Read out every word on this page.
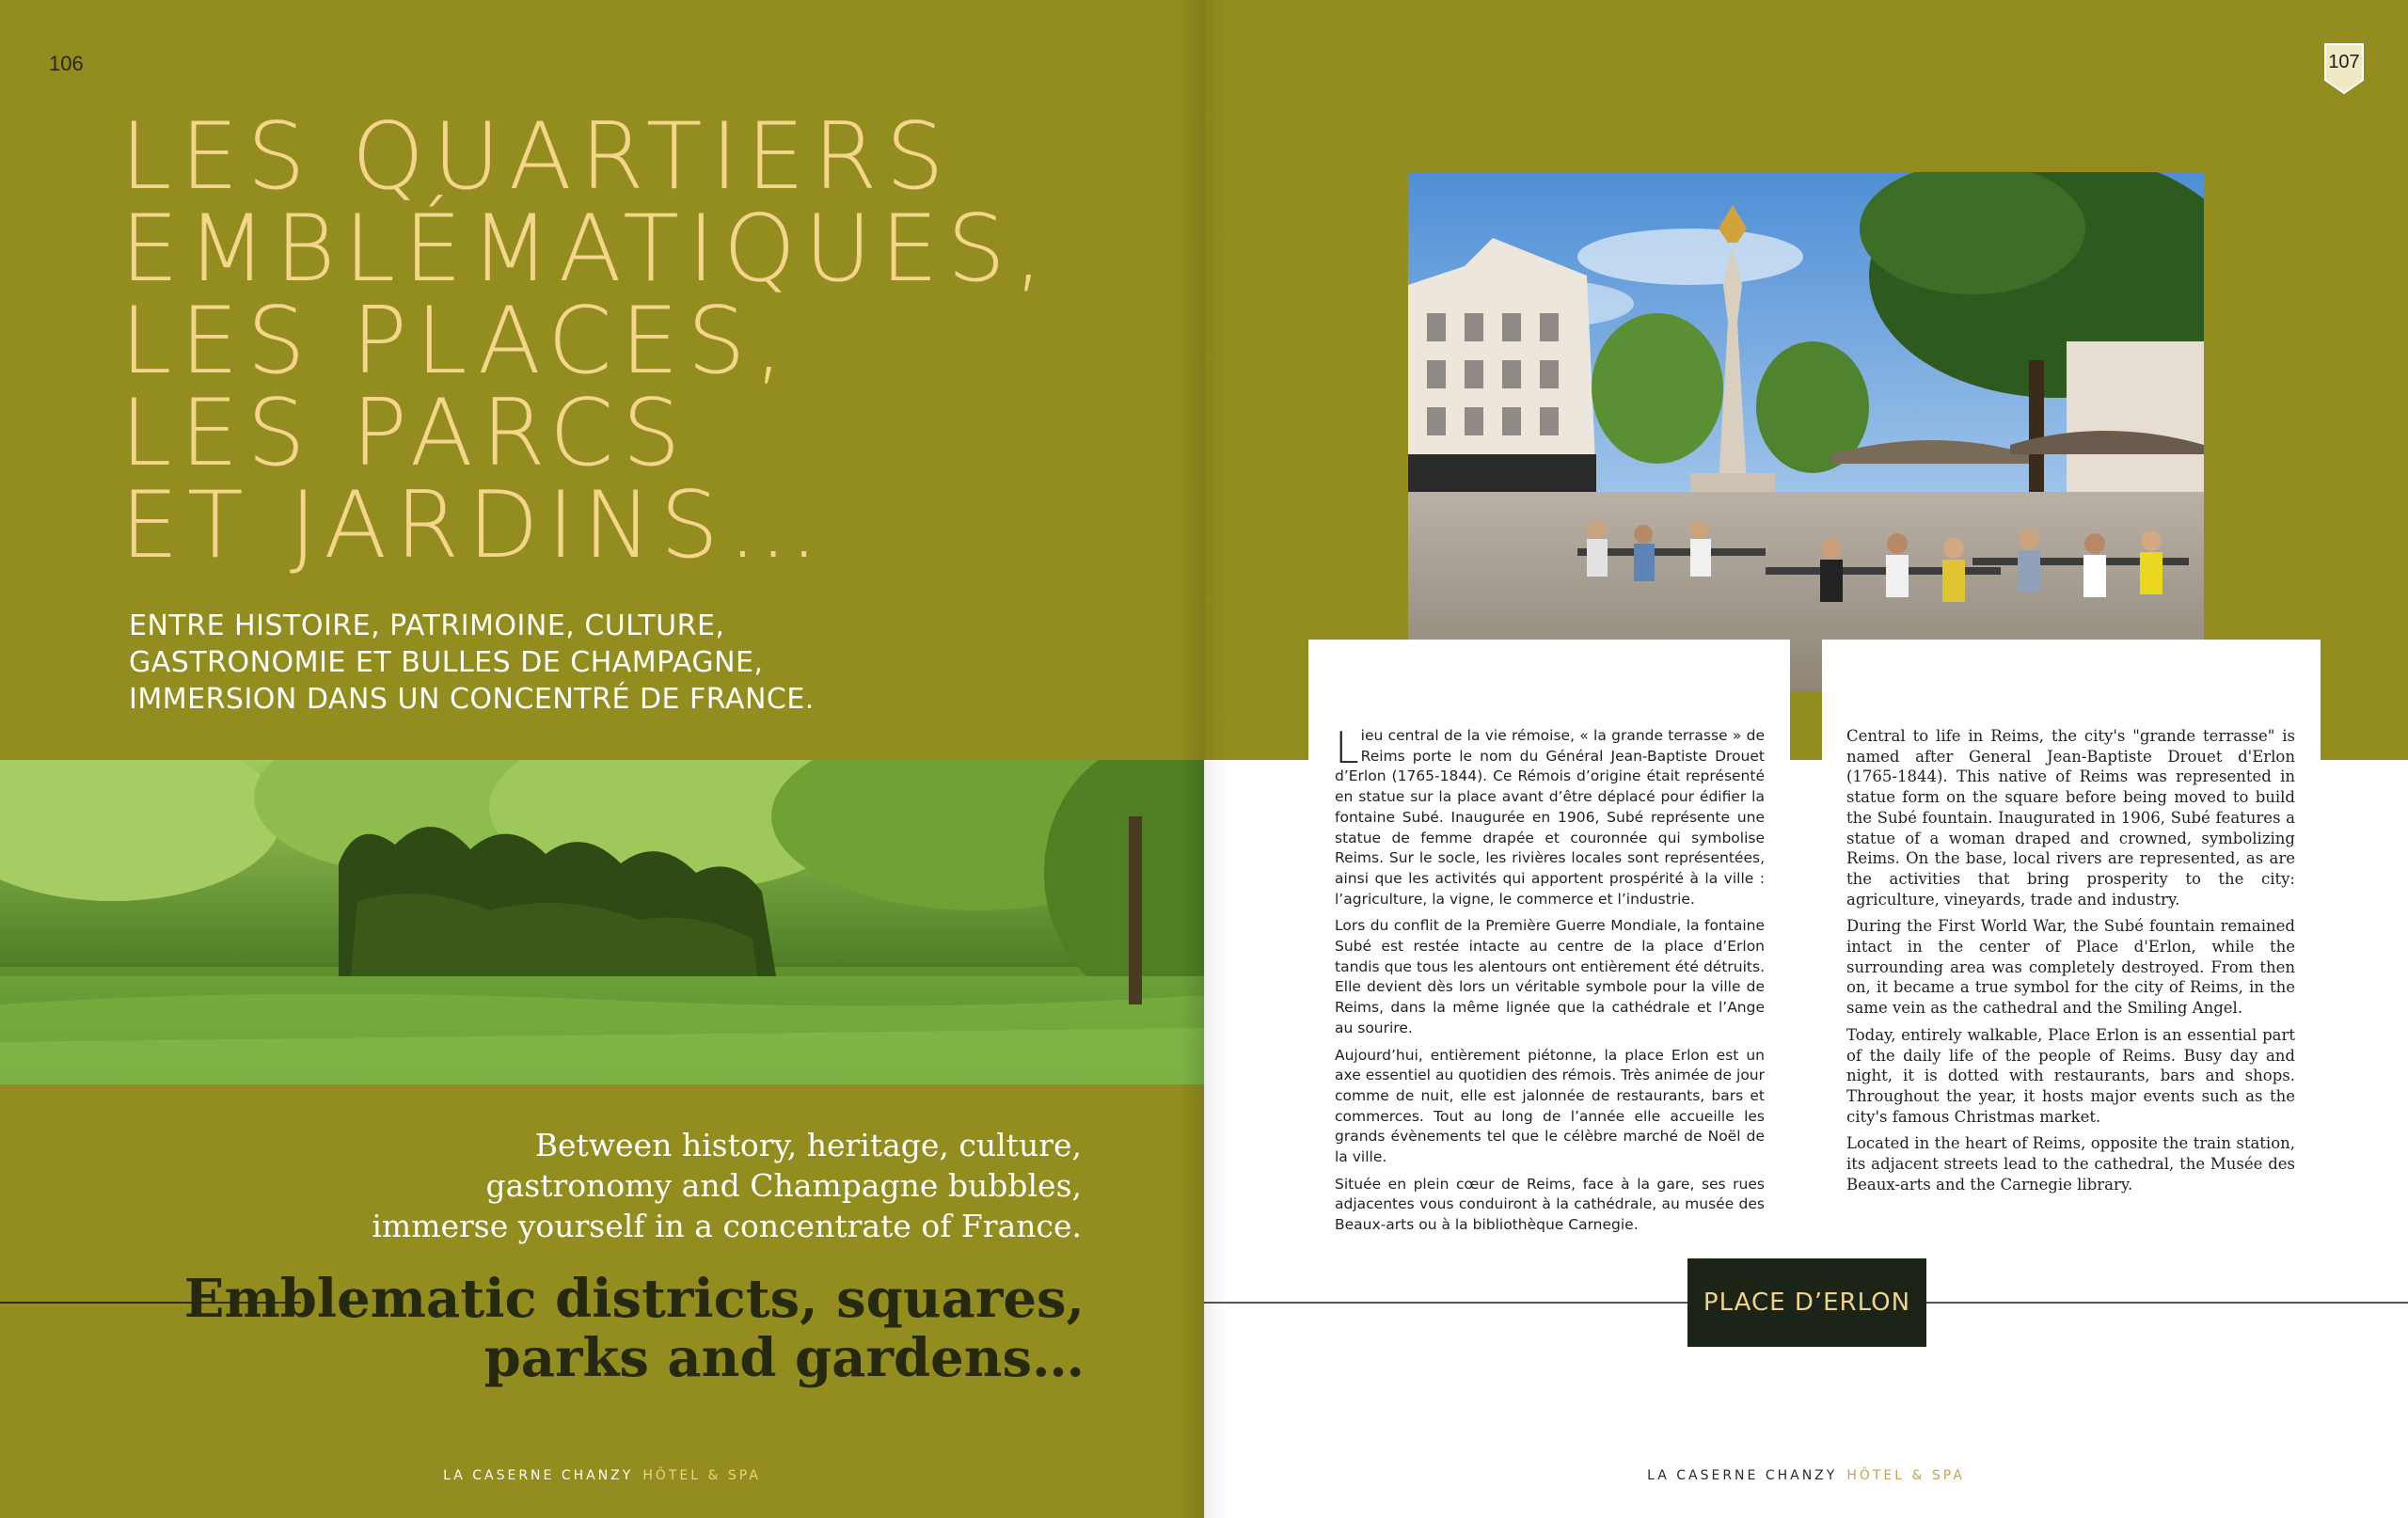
106
LES QUARTIERS
EMBLÉMATIQUES,
LES PLACES,
LES PARCS
ET JARDINS…
ENTRE HISTOIRE, PATRIMOINE, CULTURE,
GASTRONOMIE ET BULLES DE CHAMPAGNE,
IMMERSION DANS UN CONCENTRÉ DE FRANCE.
Between history, heritage, culture,
gastronomy and Champagne bubbles,
immerse yourself in a concentrate of France.
Emblematic districts, squares,
parks and gardens…
LA CASERNE CHANZY HÔTEL & SPA
107

Lieu central de la vie rémoise, « la grande terrasse » de Reims porte le nom du Général Jean-Baptiste Drouet d’Erlon (1765-1844). Ce Rémois d’origine était représenté en statue sur la place avant d’être déplacé pour édifier la fontaine Subé. Inaugurée en 1906, Subé représente une statue de femme drapée et couronnée qui symbolise Reims. Sur le socle, les rivières locales sont représentées, ainsi que les activités qui apportent prospérité à la ville : l’agriculture, la vigne, le commerce et l’industrie.

Lors du conflit de la Première Guerre Mondiale, la fontaine Subé est restée intacte au centre de la place d’Erlon tandis que tous les alentours ont entièrement été détruits. Elle devient dès lors un véritable symbole pour la ville de Reims, dans la même lignée que la cathédrale et l’Ange au sourire.

Aujourd’hui, entièrement piétonne, la place Erlon est un axe essentiel au quotidien des rémois. Très animée de jour comme de nuit, elle est jalonnée de restaurants, bars et commerces. Tout au long de l’année elle accueille les grands évènements tel que le célèbre marché de Noël de la ville.

Située en plein cœur de Reims, face à la gare, ses rues adjacentes vous conduiront à la cathédrale, au musée des Beaux-arts ou à la bibliothèque Carnegie.

Central to life in Reims, the city's "grande terrasse" is named after General Jean-Baptiste Drouet d'Erlon (1765-1844). This native of Reims was represented in statue form on the square before being moved to build the Subé fountain. Inaugurated in 1906, Subé features a statue of a woman draped and crowned, symbolizing Reims. On the base, local rivers are represented, as are the activities that bring prosperity to the city: agriculture, vineyards, trade and industry.

During the First World War, the Subé fountain remained intact in the center of Place d'Erlon, while the surrounding area was completely destroyed. From then on, it became a true symbol for the city of Reims, in the same vein as the cathedral and the Smiling Angel.

Today, entirely walkable, Place Erlon is an essential part of the daily life of the people of Reims. Busy day and night, it is dotted with restaurants, bars and shops. Throughout the year, it hosts major events such as the city's famous Christmas market.

Located in the heart of Reims, opposite the train station, its adjacent streets lead to the cathedral, the Musée des Beaux-arts and the Carnegie library.

PLACE D’ERLON
LA CASERNE CHANZY HÔTEL & SPA
